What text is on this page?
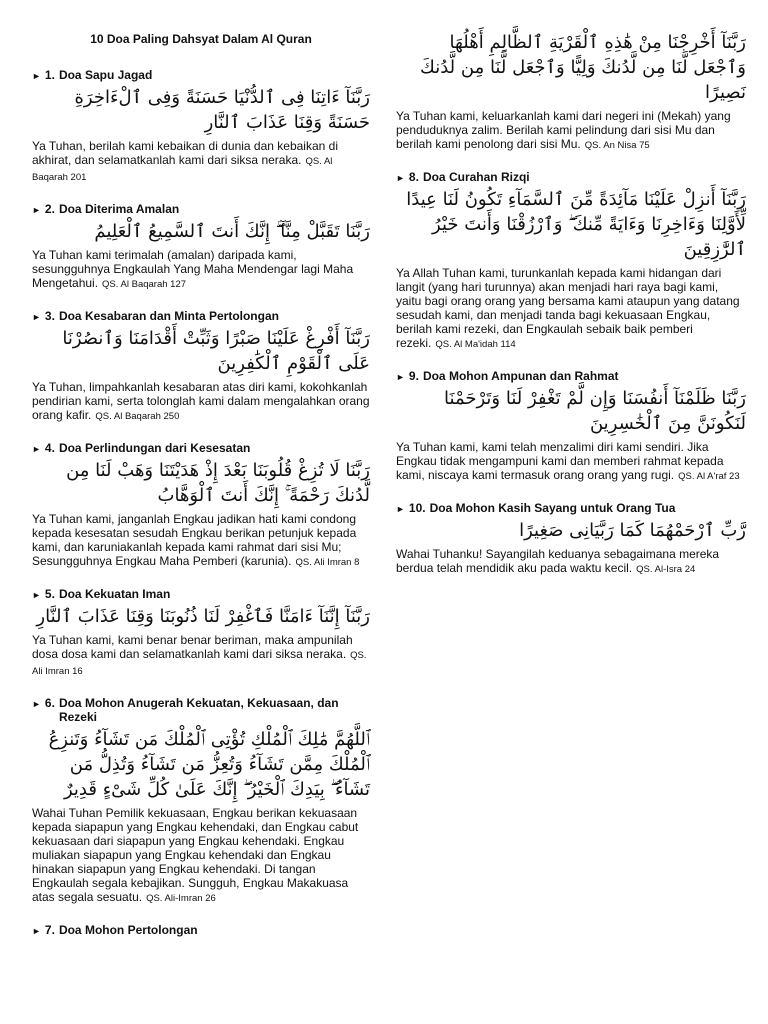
10 Doa Paling Dahsyat Dalam Al Quran
► 1. Doa Sapu Jagad

رَبَّنَآ ءَاتِنَا فِى ٱلدُّنْيَا حَسَنَةً وَفِى ٱلْءَاخِرَةِ حَسَنَةً وَقِنَا عَذَابَ ٱلنَّارِ

Ya Tuhan, berilah kami kebaikan di dunia dan kebaikan di akhirat, dan selamatkanlah kami dari siksa neraka. QS. Al Baqarah 201

► 2. Doa Diterima Amalan

رَبَّنَا تَقَبَّلْ مِنَّآ ۖ إِنَّكَ أَنتَ ٱلسَّمِيعُ ٱلْعَلِيمُ

Ya Tuhan kami terimalah (amalan) daripada kami, sesungguhnya Engkaulah Yang Maha Mendengar lagi Maha Mengetahui. QS. Al Baqarah 127

► 3. Doa Kesabaran dan Minta Pertolongan

رَبَّنَآ أَفْرِغْ عَلَيْنَا صَبْرًا وَثَبِّتْ أَقْدَامَنَا وَٱنصُرْنَا عَلَى ٱلْقَوْمِ ٱلْكَٰفِرِينَ

Ya Tuhan, limpahkanlah kesabaran atas diri kami, kokohkanlah pendirian kami, serta tolonglah kami dalam mengalahkan orang orang kafir. QS. Al Baqarah 250

► 4. Doa Perlindungan dari Kesesatan

رَبَّنَا لَا تُزِغْ قُلُوبَنَا بَعْدَ إِذْ هَدَيْتَنَا وَهَبْ لَنَا مِن لَّدُنكَ رَحْمَةً ۚ إِنَّكَ أَنتَ ٱلْوَهَّابُ

Ya Tuhan kami, janganlah Engkau jadikan hati kami condong kepada kesesatan sesudah Engkau berikan petunjuk kepada kami, dan karuniakanlah kepada kami rahmat dari sisi Mu; Sesungguhnya Engkau Maha Pemberi (karunia). QS. Ali Imran 8

► 5. Doa Kekuatan Iman

رَبَّنَآ إِنَّنَآ ءَامَنَّا فَٱغْفِرْ لَنَا ذُنُوبَنَا وَقِنَا عَذَابَ ٱلنَّارِ

Ya Tuhan kami, kami benar benar beriman, maka ampunilah dosa dosa kami dan selamatkanlah kami dari siksa neraka. QS. Ali Imran 16

► 6. Doa Mohon Anugerah Kekuatan, Kekuasaan, dan Rezeki

ٱللَّهُمَّ مَٰلِكَ ٱلْمُلْكِ تُؤْتِى ٱلْمُلْكَ مَن تَشَآءُ وَتَنزِعُ ٱلْمُلْكَ مِمَّن تَشَآءُ وَتُعِزُّ مَن تَشَآءُ وَتُذِلُّ مَن تَشَآءُ ۖ بِيَدِكَ ٱلْخَيْرُ ۖ إِنَّكَ عَلَىٰ كُلِّ شَىْءٍ قَدِيرٌ

Wahai Tuhan Pemilik kekuasaan, Engkau berikan kekuasaan kepada siapapun yang Engkau kehendaki, dan Engkau cabut kekuasaan dari siapapun yang Engkau kehendaki. Engkau muliakan siapapun yang Engkau kehendaki dan Engkau hinakan siapapun yang Engkau kehendaki. Di tangan Engkaulah segala kebajikan. Sungguh, Engkau Makakuasa atas segala sesuatu. QS. Ali-Imran 26

► 7. Doa Mohon Pertolongan

رَبَّنَآ أَخْرِجْنَا مِنْ هَٰذِهِ ٱلْقَرْيَةِ ٱلظَّالِمِ أَهْلُهَا وَٱجْعَل لَّنَا مِن لَّدُنكَ وَلِيًّا وَٱجْعَل لَّنَا مِن لَّدُنكَ نَصِيرًا

Ya Tuhan kami, keluarkanlah kami dari negeri ini (Mekah) yang penduduknya zalim. Berilah kami pelindung dari sisi Mu dan berilah kami penolong dari sisi Mu. QS. An Nisa 75

► 8. Doa Curahan Rizqi

رَبَّنَآ أَنزِلْ عَلَيْنَا مَآئِدَةً مِّنَ ٱلسَّمَآءِ تَكُونُ لَنَا عِيدًا لِّأَوَّلِنَا وَءَاخِرِنَا وَءَايَةً مِّنكَ ۖ وَٱرْزُقْنَا وَأَنتَ خَيْرُ ٱلرَّٰزِقِينَ

Ya Allah Tuhan kami, turunkanlah kepada kami hidangan dari langit (yang hari turunnya) akan menjadi hari raya bagi kami, yaitu bagi orang orang yang bersama kami ataupun yang datang sesudah kami, dan menjadi tanda bagi kekuasaan Engkau, berilah kami rezeki, dan Engkaulah sebaik baik pemberi rezeki. QS. Al Ma'idah 114

► 9. Doa Mohon Ampunan dan Rahmat

رَبَّنَا ظَلَمْنَآ أَنفُسَنَا وَإِن لَّمْ تَغْفِرْ لَنَا وَتَرْحَمْنَا لَنَكُونَنَّ مِنَ ٱلْخَٰسِرِينَ

Ya Tuhan kami, kami telah menzalimi diri kami sendiri. Jika Engkau tidak mengampuni kami dan memberi rahmat kepada kami, niscaya kami termasuk orang orang yang rugi. QS. Al A'raf 23

► 10. Doa Mohon Kasih Sayang untuk Orang Tua

رَّبِّ ٱرْحَمْهُمَا كَمَا رَبَّيَانِى صَغِيرًا

Wahai Tuhanku! Sayangilah keduanya sebagaimana mereka berdua telah mendidik aku pada waktu kecil. QS. Al-Isra 24
